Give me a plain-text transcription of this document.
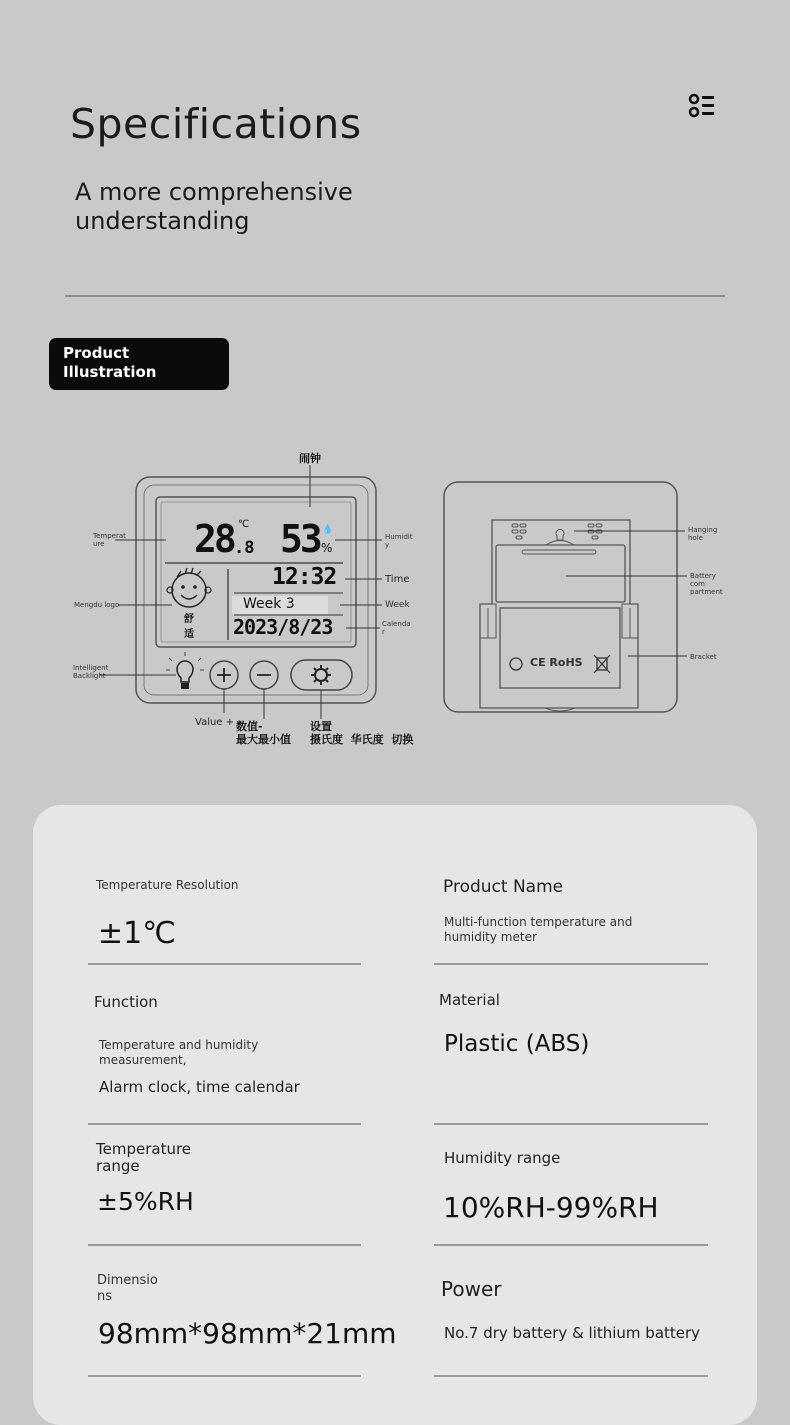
Specifications
A more comprehensive understanding
Product Illustration
28 .8
℃ 53 💧
%
12:32
Week 3
2023/8/23
舒
适
闹钟
Temperat ure
Humidit y
Time
Mengdu logo	Week
Calenda r
Intelligent Backlight
Value + 数值-
最大最小值
设置
摄氏度  华氏度  切换
CE RoHS
Hanging hole
Battery com partment
Bracket
Temperature Resolution
±1℃
Product Name
Multi-function temperature and humidity meter
Function
Temperature and humidity measurement,
Alarm clock, time calendar
Material
Plastic (ABS)
Temperature range
±5%RH
Humidity range
10%RH-99%RH
Dimensio ns
98mm*98mm*21mm
Power
No.7 dry battery & lithium battery
